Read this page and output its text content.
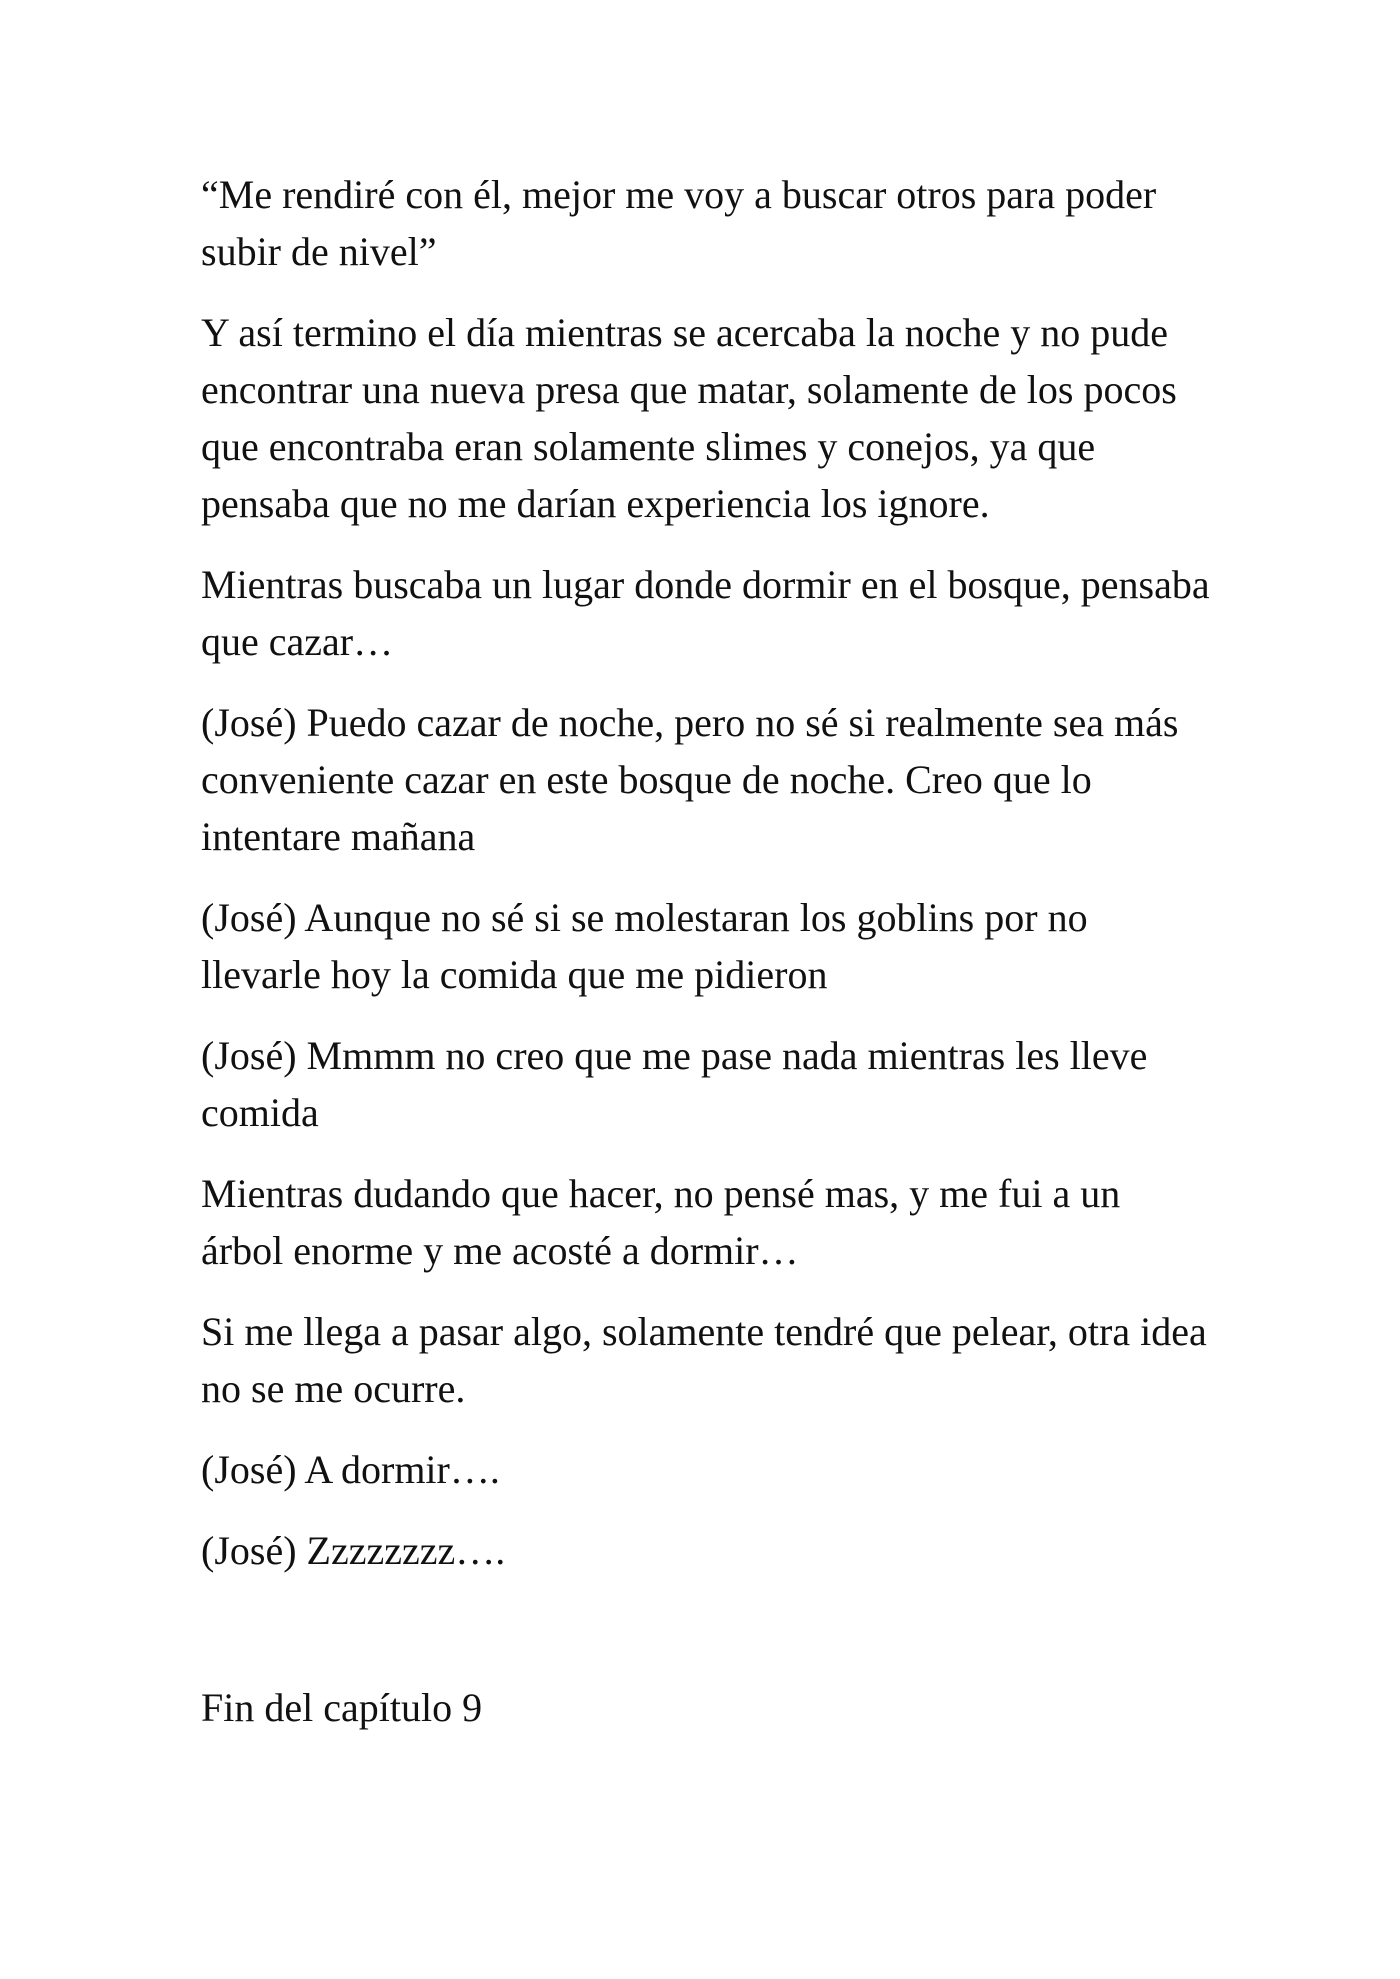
“Me rendiré con él, mejor me voy a buscar otros para poder subir de nivel”

Y así termino el día mientras se acercaba la noche y no pude encontrar una nueva presa que matar, solamente de los pocos que encontraba eran solamente slimes y conejos, ya que pensaba que no me darían experiencia los ignore.

Mientras buscaba un lugar donde dormir en el bosque, pensaba que cazar…

(José) Puedo cazar de noche, pero no sé si realmente sea más conveniente cazar en este bosque de noche. Creo que lo intentare mañana

(José) Aunque no sé si se molestaran los goblins por no llevarle hoy la comida que me pidieron

(José) Mmmm no creo que me pase nada mientras les lleve comida

Mientras dudando que hacer, no pensé mas, y me fui a un árbol enorme y me acosté a dormir…

Si me llega a pasar algo, solamente tendré que pelear, otra idea no se me ocurre.

(José) A dormir….

(José) Zzzzzzzz….

Fin del capítulo 9
